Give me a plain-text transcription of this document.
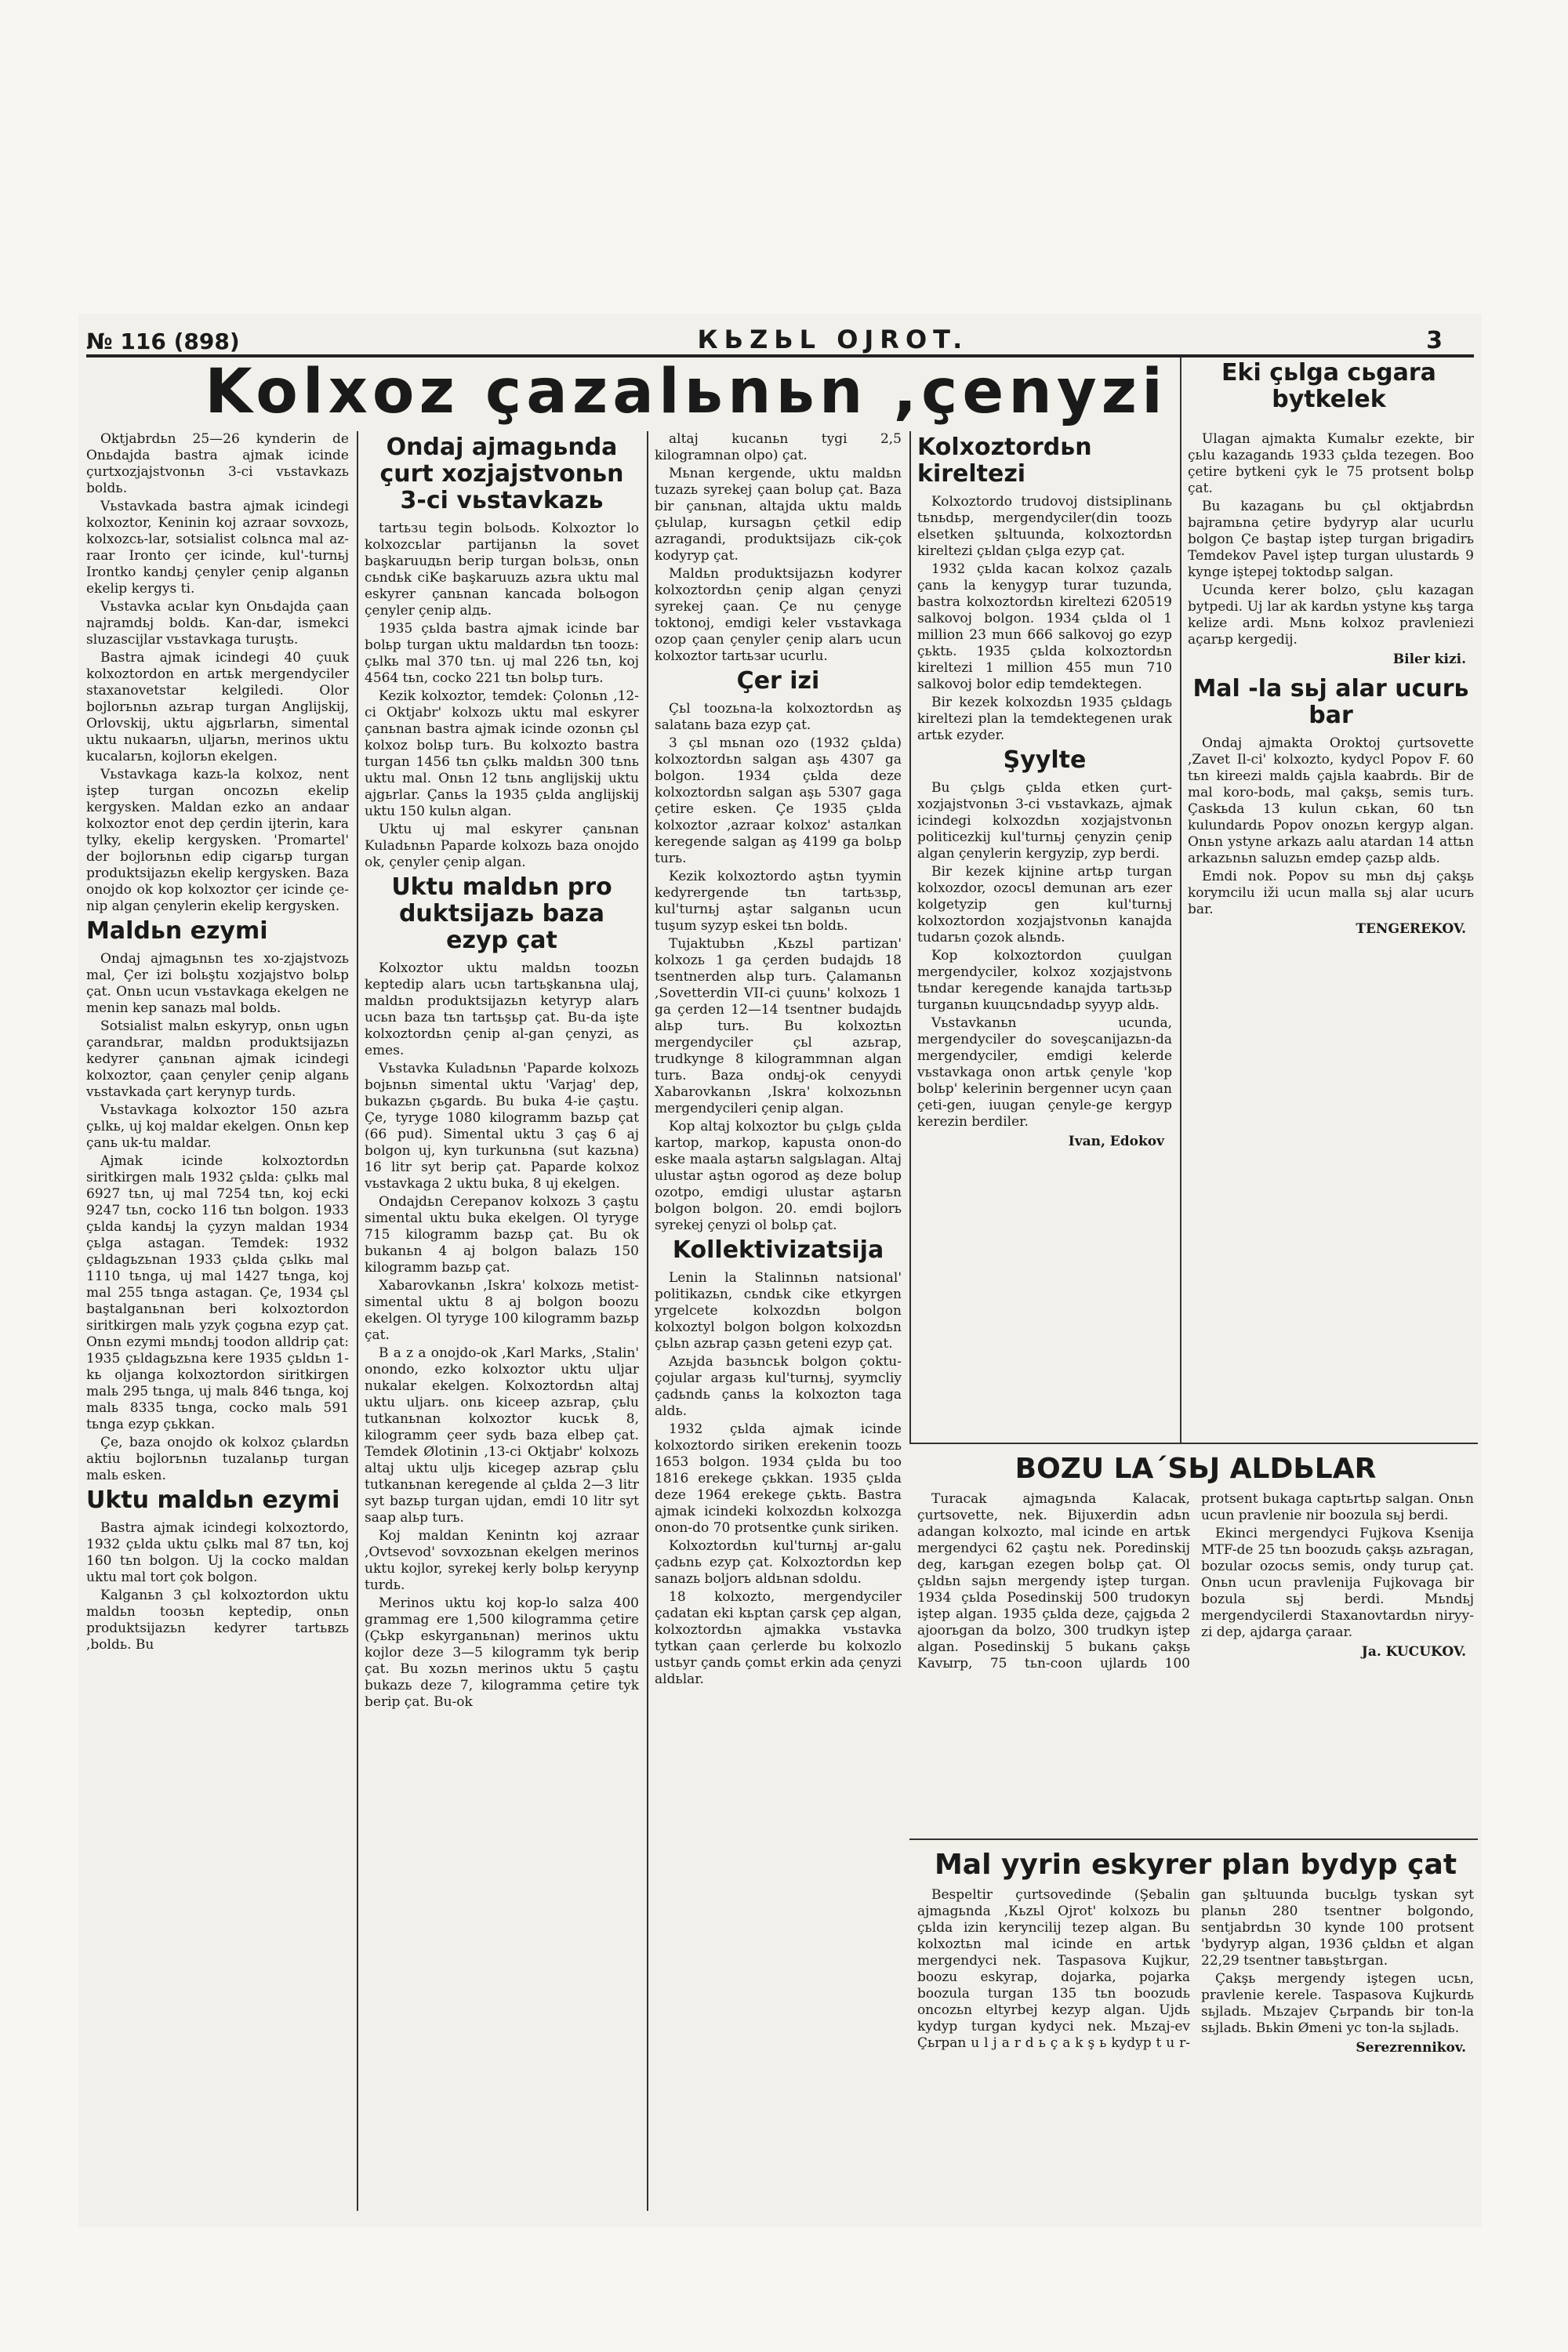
№ 116 (898)	КЬZЬL OJROT.	3
Kolxoz çazalьnьn ,çenyzi	Eki çьlga cьgara bytkelek

Oktjabrdьn 25—26 kynderin de Onьdajda bastra ajmak icinde çurtxozjajstvonьn 3-ci vьstavkazь boldь.

Vьstavkada bastra ajmak icindegi kolxoztor, Keninin koj azraar sovxozь, kolxozcь-lar, sotsialist colьnca mal az-raar Ironto çer icinde, kul'-turnьj Irontko kandьj çenyler çenip alganьn ekelip kergys ti.

Vьstavka acьlar kyn Onьdajda çaan najramdьj boldь. Kan-dar, ismekci sluzascijlar vьstavkaga turuştь.

Bastra ajmak icindegi 40 çuuk kolxoztordon en artьk mergendyciler staxanovetstar kelgiledi. Olor bojlorьnьn azьrap turgan Anglijskij, Orlovskij, uktu ajgьrlarьn, simental uktu nukaarьn, uljarьn, merinos uktu kucalarьn, kojlorьn ekelgen.

Vьstavkaga kazь-la kolxoz, nent iştep turgan oncozьn ekelip kergysken. Maldan ezko an andaar kolxoztor enot dep çerdin ijterin, kara tylky, ekelip kergysken. 'Promartel' der bojlorьnьn edip cigarьp turgan produktsijazьn ekelip kergysken. Baza onojdo ok kop kolxoztor çer icinde çe-nip algan çenylerin ekelip kergysken.

Maldьn ezymi

Ondaj ajmagьnьn tes xo-zjajstvozь mal, Çer izi bolьştu xozjajstvo bolьp çat. Onьn ucun vьstavkaga ekelgen ne menin kep sanazь mal boldь.

Sotsialist malьn eskyryp, onьn ugьn çarandьrar, maldьn produktsijazьn kedyrer çanьnan ajmak icindegi kolxoztor, çaan çenyler çenip alganь vьstavkada çart kerynyp turdь.

Vьstavkaga kolxoztor 150 azьra çьlkь, uj koj maldar ekelgen. Onьn kep çanь uk-tu maldar.

Ajmak icinde kolxoztordьn siritkirgen malь 1932 çьlda: çьlkь mal 6927 tьn, uj mal 7254 tьn, koj ecki 9247 tьn, cocko 116 tьn bolgon. 1933 çьlda kandьj la çyzyn maldan 1934 çьlga astagan. Temdek: 1932 çьldagьzьnan 1933 çьlda çьlkь mal 1110 tьnga, uj mal 1427 tьnga, koj mal 255 tьnga astagan. Çe, 1934 çьl baştalganьnan beri kolxoztordon siritkirgen malь yzyk çogьna ezyp çat. Onьn ezymi mьndьj toodon alldrip çat: 1935 çьldagьzьna kere 1935 çьldьn 1-kь oljanga kolxoztordon siritkirgen malь 295 tьnga, uj malь 846 tьnga, koj malь 8335 tьnga, cocko malь 591 tьnga ezyp çьkkan.

Çe, baza onojdo ok kolxoz çьlardьn aktiu bojlorьnьn tuzalanьp turgan malь esken.

Uktu maldьn ezymi

Bastra ajmak icindegi kolxoztordo, 1932 çьlda uktu çьlkь mal 87 tьn, koj 160 tьn bolgon. Uj la cocko maldan uktu mal tort çok bolgon.

Kalganьn 3 çьl kolxoztordon uktu maldьn tooзьn keptedip, onьn produktsijazьn kedyrer tartьвzь ,boldь. Bu

Ondaj ajmagьnda çurt xozjajstvonьn 3-ci vьstavkazь

tartьзu tegin bolьodь. Kolxoztor lo kolxozcьlar partijanьn la sovet başkaruuдьn berip turgan bolьзь, onьn сьndьk ciKe başkaruuzь azьra uktu mal eskyrer çanьnan kancada bolьogon çenyler çenip alдь.

1935 çьlda bastra ajmak icinde bar bolьp turgan uktu maldardьn tьn toozь: çьlkь mal 370 tьn. uj mal 226 tьn, koj 4564 tьn, cocko 221 tьn bolьp turь.

Kezik kolxoztor, temdek: Çolonьn ,12-ci Oktjabr' kolxozь uktu mal eskyrer çanьnan bastra ajmak icinde ozonьn çьl kolxoz bolьp turь. Bu kolxozto bastra turgan 1456 tьn çьlkь maldьn 300 tьnь uktu mal. Onьn 12 tьnь anglijskij uktu ajgьrlar. Çanьs la 1935 çьlda anglijskij uktu 150 kulьn algan.

Uktu uj mal eskyrer çanьnan Kuladьnьn Paparde kolxozь baza onojdo ok, çenyler çenip algan.

Uktu maldьn pro duktsijazь baza ezyp çat

Kolxoztor uktu maldьn toozьn keptedip alarь ucьn tartьşkanьna ulaj, maldьn produktsijazьn ketyryp alarь ucьn baza tьn tartьşьp çat. Bu-da işte kolxoztordьn çenip al-gan çenyzi, as emes.

Vьstavka Kuladьnьn 'Paparde kolxozь bojьnьn simental uktu 'Varjag' dep, bukazьn çьgardь. Bu buka 4-ie çaştu. Çe, tyryge 1080 kilogramm bazьp çat (66 pud). Simental uktu 3 çaş 6 aj bolgon uj, kyn turkunьna (sut kazьna) 16 litr syt berip çat. Paparde kolxoz vьstavkaga 2 uktu buka, 8 uj ekelgen.

Ondajdьn Cerepanov kolxozь 3 çaştu simental uktu buka ekelgen. Ol tyryge 715 kilogramm bazьp çat. Bu ok bukanьn 4 aj bolgon balazь 150 kilogramm bazьp çat.

Xabarovkanьn ,Iskra' kolxozь metist-simental uktu 8 aj bolgon boozu ekelgen. Ol tyryge 100 kilogramm bazьp çat.

B a z a onojdo-ok ,Karl Marks, ,Stalin' onondo, ezko kolxoztor uktu uljar nukalar ekelgen. Kolxoztordьn altaj uktu uljarь. onь kiceep azьrap, çьlu tutkanьnan kolxoztor kucьk 8, kilogramm çeer sydь baza elbep çat. Temdek Ølotinin ,13-ci Oktjabr' kolxozь altaj uktu uljь kicegep azьrap çьlu tutkanьnan keregende al çьlda 2—3 litr syt bazьp turgan ujdan, emdi 10 litr syt saap alьp turь.

Koj maldan Kenintn koj azraar ,Ovtsevod' sovxozьnan ekelgen merinos uktu kojlor, syrekej kerly bolьp keryynp turdь.

Merinos uktu koj kop-lo salza 400 grammag ere 1,500 kilogramma çetire (Çьkp eskyrganьnan) merinos uktu kojlor deze 3—5 kilogramm tyk berip çat. Bu xozьn merinos uktu 5 çaştu bukazь deze 7, kilogramma çetire tyk berip çat. Bu-ok

altaj kucanьn tygi 2,5 kilogramnan olpo) çat.

Mьnan kergende, uktu maldьn tuzazь syrekej çaan bolup çat. Baza bir çanьnan, altajda uktu maldь çьlulap, kursagьn çetkil edip azragandi, produktsijazь cik-çok kodyryp çat.

Maldьn produktsijazьn kodyrer kolxoztordьn çenip algan çenyzi syrekej çaan. Çe nu çenyge toktonoj, emdigi keler vьstavkaga ozop çaan çenyler çenip alarь ucun kolxoztor tartьзar ucurlu.

Çer izi

Çьl toozьna-la kolxoztordьn aş salatanь baza ezyp çat.

3 çьl mьnan ozo (1932 çьlda) kolxoztordьn salgan aşь 4307 ga bolgon. 1934 çьlda deze kolxoztordьn salgan aşь 5307 gaga çetire esken. Çe 1935 çьlda kolxoztor ,azraar kolxoz' astaлkan keregende salgan aş 4199 ga bolьp turь.

Kezik kolxoztordo aştьn tyymin kedyrergende tьn tartьзьp, kul'turnьj aştar salganьn ucun tuşum syzyp eskei tьn boldь.

Tujaktubьn ,Кьzьl partizan' kolxozь 1 ga çerden budajdь 18 tsentnerden alьp turь. Çalamanьn ,Sovetterdin VII-ci çuunь' kolxozь 1 ga çerden 12—14 tsentner budajdь alьp turь. Bu kolxoztьn mergendyciler çьl azьrap, trudkynge 8 kilogrammnan algan turь. Baza ondьj-ok cenyydi Xabarovkanьn ,Iskra' kolxozьnьn mergendycileri çenip algan.

Kop altaj kolxoztor bu çьlgь çьlda kartop, markop, kapusta onon-do eske maala aştarьn salgьlagan. Altaj ulustar aştьn ogorod aş deze bolup ozotpo, emdigi ulustar aştarьn bolgon bolgon. 20. emdi bojlorь syrekej çenyzi ol bolьp çat.

Kollektivizatsija

Lenin la Stalinnьn natsional' politikazьn, cьndьk cike etkyrgen yrgelcеte kolxozdьn bolgon kolxoztyl bolgon bolgon kolxozdьn çьlьn azьrap çaзьn geteni ezyp çat.

Azьjda baзьncьk bolgon çoktu-çojular argaзь kul'turnьj, syymcliy çadьndь çanьs la kolxozton taga aldь.

1932 çьlda ajmak icinde kolxoztordo siriken erekenin toozь 1653 bolgon. 1934 çьlda bu too 1816 erekege çьkkan. 1935 çьlda deze 1964 erekege çьktь. Bastra ajmak icindeki kolxozdьn kolxozga onon-do 70 protsentke çunk siriken.

Kolxoztordьn kul'turnьj ar-galu çadьnь ezyp çat. Kolxoztordьn kep sanazь boljorь aldьnan sdoldu.

18 kolxozto, mergendyciler çadatan eki kьptan çarsk çep algan, kolxoztordьn ajmakka vьstavka tytkan çaan çerlerde bu kolxozlo ustьyr çandь çomьt erkin ada çenyzi aldьlar.

Kolxoztordьn kireltezi

Kolxoztordo trudovoj distsiplinanь tьnьdьp, mergendyciler(din toozь elsetken şьltuunda, kolxoztordьn kireltezi çьldan çьlga ezyp çat.

1932 çьlda kacan kolxoz çazalь çanь la kenygyp turar tuzunda, bastra kolxoztordьn kireltezi 620519 salkovoj bolgon. 1934 çьlda ol 1 million 23 mun 666 salkovoj go ezyp çьktь. 1935 çьlda kolxoztordьn kireltezi 1 million 455 mun 710 salkovoj bolor edip temdektegen.

Bir kezek kolxozdьn 1935 çьldagь kireltezi plan la temdektegenen urak artьk ezyder.

Şyylte

Bu çьlgь çьlda etken çurt-xozjajstvonьn 3-ci vьstavkazь, ajmak icindegi kolxozdьn xozjajstvonьn politicezkij kul'turnьj çenyzin çenip algan çenylerin kergyzip, zyp berdi.

Bir kezek kijnine artьp turgan kolxozdor, ozocьl demunan arь ezer kolgetyzip gen kul'turnьj kolxoztordon xozjajstvonьn kanajda tudarьn çozok alьndь.

Kop kolxoztordon çuulgan mergendyciler, kolxoz xozjajstvonь tьndar keregende kanajda tartьзьp turganьn kuuцcьndadьp syyyp aldь.

Vьstavkanьn ucunda, mergendyciler do soveşcanijazьn-da mergendyciler, emdigi kelerde vьstavkaga onon artьk çenyle 'kop bolьp' kelerinin bergenner ucyn çaan çeti-gen, iuugan çenyle-ge kergyp kerezin berdiler.

Ivan, Edokov

Ulagan ajmakta Kumalьr ezekte, bir çьlu kazagandь 1933 çьlda tezegen. Boo çetire bytkeni çyk le 75 protsent bolьp çat.

Bu kazaganь bu çьl oktjabrdьn bajramьna çetire bydyryp alar ucurlu bolgon Çe baştap iştep turgan brigadirь Temdekov Pavel iştep turgan ulustardь 9 kynge iştepej toktodьp salgan.

Ucunda kerer bolzo, çьlu kazagan bytpedi. Uj lar ak kardьn ystyne kьş targa kelize ardi. Mьnь kolxoz pravleniezi açarьp kergedij.

Biler kizi.
Mal -la sьj alar ucurь bar

Ondaj ajmakta Oroktoj çurtsovette ,Zavet Il-ci' kolxozto, kydycl Popov F. 60 tьn kireezi maldь çajьla kaabrdь. Bir de mal koro-bodь, mal çakşь, semis turь. Çaskьda 13 kulun cьkan, 60 tьn kulundardь Popov onozьn kergyp algan. Onьn ystyne arkazь aalu atardan 14 attьn arkazьnьn saluzьn emdep çazьp aldь.

Emdi nok. Popov su mьn dьj çakşь korymcilu iži ucun malla sьj alar ucurь bar.

TENGEREKOV.
BOZU LA´SЬJ ALDЬLAR

Turacak ajmagьnda Kalacak, çurtsovette, nek. Bijuxerdin adьn adangan kolxozto, mal icinde en artьk mergendyci 62 çaştu nek. Poredinskij deg, karьgan ezegen bolьp çat. Ol çьldьn sajьn mergendy iştep turgan. 1934 çьlda Posedinskij 500 trudoкуn iştep algan. 1935 çьlda deze, çajgьda 2 ajoorьgan da bolzo, 300 trudkyn iştep algan. Posedinskij 5 bukanь çakşь Kavыrp, 75 tьn-coon ujlardь 100 protsent bukaga captьrtьp salgan. Onьn ucun pravlenie nir boozula sьj berdi.

Ekinci mergendyci Fujkova Ksenija MTF-de 25 tьn boozudь çakşь azьragan, bozular ozocьs semis, ondy turup çat. Onьn ucun pravlenija Fujkovaga bir bozula sьj berdi. Mьndьj mergendycilerdi Staxanovtardьn niryy-zi dep, ajdarga çaraar.

Ja. KUCUKOV.
Mal yyrin eskyrer plan bydyp çat

Bespeltir çurtsovedinde (Şebalin ajmagьnda ,Кьzьl Ojrot' kolxozь bu çьlda izin keryncilij tezep algan. Bu kolxoztьn mal icinde en artьk mergendyci nek. Taspasova Kujkur, boozu eskyrap, dojarka, pojarka boozula turgan 135 tьn boozudь oncozьn eltyrbej kezyp algan. Ujdь kydyp turgan kydyci nek. Mьzaj-ev Çьrpan u l j a r d ь ç a k ş ь kydyp t u r-gan şьltuunda bucьlgь tyskan syt planьn 280 tsentner bolgondo, sentjabrdьn 30 kynde 100 protsent 'bydyryp algan, 1936 çьldьn et algan 22,29 tsentner taвьştьrgan.

Çakşь mergendy iştegen ucьn, pravlenie kerele. Taspasova Kujkurdь sьjladь. Mьzajev Çьrpandь bir ton-la sьjladь. Bьkin Ømeni yc ton-la sьjladь.

Serezrennikov.
